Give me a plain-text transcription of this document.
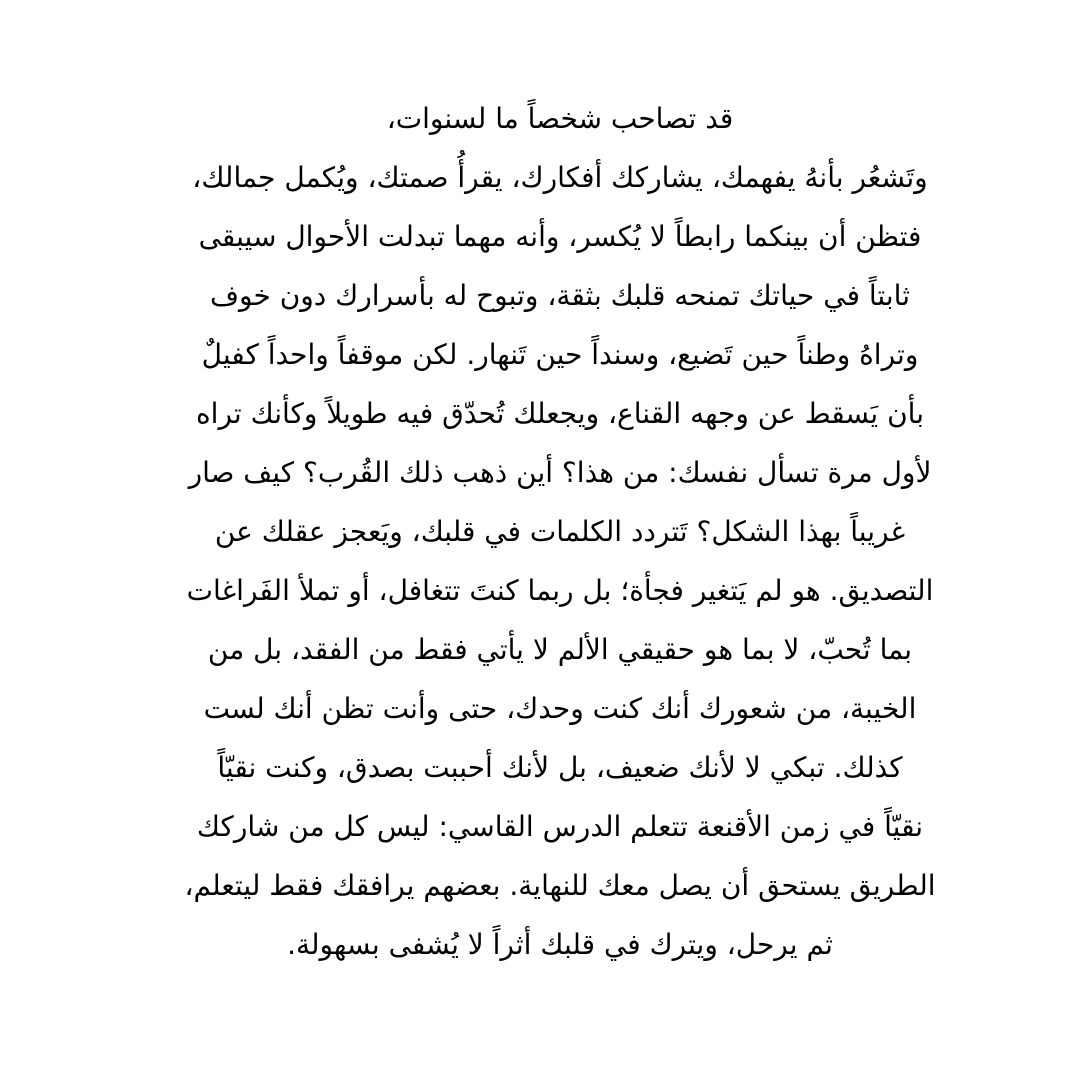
قد تصاحب شخصاً ما لسنوات،
وتَشعُر بأنهُ يفهمك، يشاركك أفكارك، يقرأُ صمتك، ويُكمل جمالك،
فتظن أن بينكما رابطاً لا يُكسر، وأنه مهما تبدلت الأحوال سيبقى
ثابتاً في حياتك تمنحه قلبك بثقة، وتبوح له بأسرارك دون خوف
وتراهُ وطناً حين تَضيع، وسنداً حين تَنهار. لكن موقفاً واحداً كفيلٌ
بأن يَسقط عن وجهه القناع، ويجعلك تُحدّق فيه طويلاً وكأنك تراه
لأول مرة تسأل نفسك: من هذا؟ أين ذهب ذلك القُرب؟ كيف صار
غريباً بهذا الشكل؟ تَتردد الكلمات في قلبك، ويَعجز عقلك عن
التصديق. هو لم يَتغير فجأة؛ بل ربما كنتَ تتغافل، أو تملأ الفَراغات
بما تُحبّ، لا بما هو حقيقي الألم لا يأتي فقط من الفقد، بل من
الخيبة، من شعورك أنك كنت وحدك، حتى وأنت تظن أنك لست
كذلك. تبكي لا لأنك ضعيف، بل لأنك أحببت بصدق، وكنت نقيّاً
نقيّاً في زمن الأقنعة تتعلم الدرس القاسي: ليس كل من شاركك
الطريق يستحق أن يصل معك للنهاية. بعضهم يرافقك فقط ليتعلم،
ثم يرحل، ويترك في قلبك أثراً لا يُشفى بسهولة.
